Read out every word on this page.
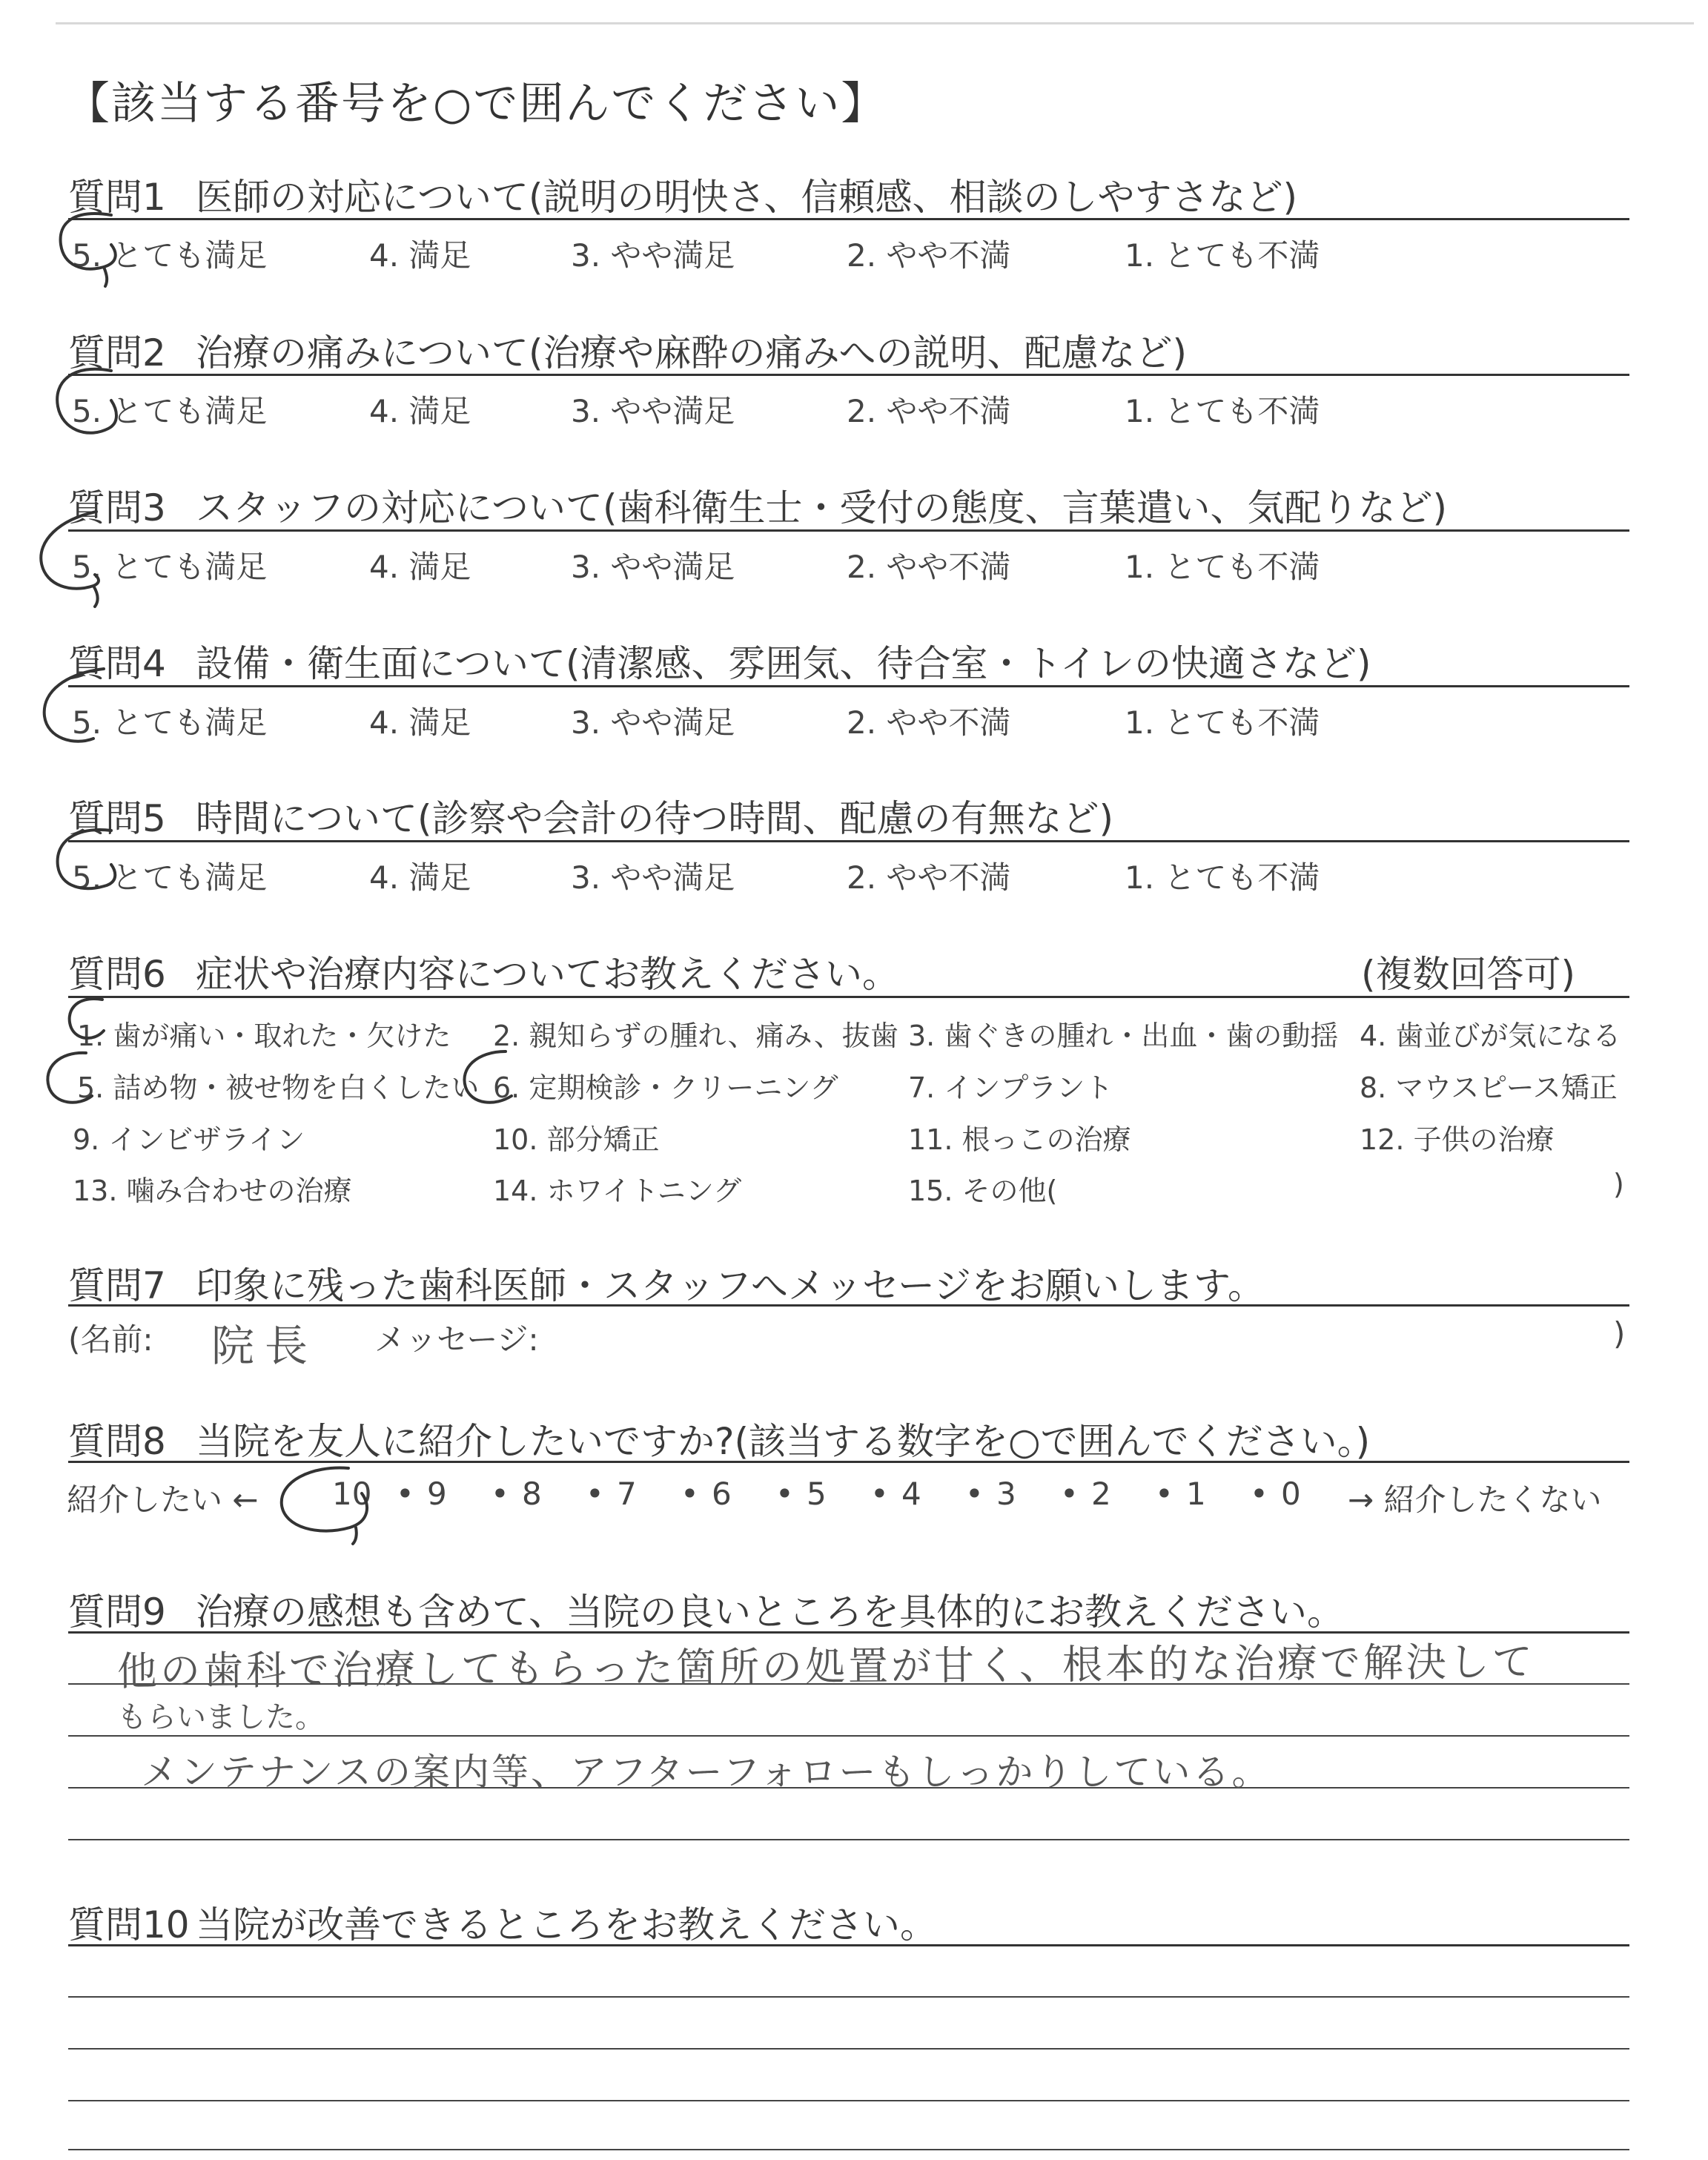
【該当する番号を○で囲んでください】
質問1 医師の対応について(説明の明快さ、信頼感、相談のしやすさなど)
5. とても満足	4. 満足	3. やや満足	2. やや不満	1. とても不満
質問2 治療の痛みについて(治療や麻酔の痛みへの説明、配慮など)
5. とても満足	4. 満足	3. やや満足	2. やや不満	1. とても不満
質問3 スタッフの対応について(歯科衛生士・受付の態度、言葉遣い、気配りなど)
5. とても満足	4. 満足	3. やや満足	2. やや不満	1. とても不満
質問4 設備・衛生面について(清潔感、雰囲気、待合室・トイレの快適さなど)
5. とても満足	4. 満足	3. やや満足	2. やや不満	1. とても不満
質問5 時間について(診察や会計の待つ時間、配慮の有無など)
5. とても満足	4. 満足	3. やや満足	2. やや不満	1. とても不満
質問6 症状や治療内容についてお教えください。	(複数回答可)
1. 歯が痛い・取れた・欠けた 2. 親知らずの腫れ、痛み、抜歯 3. 歯ぐきの腫れ・出血・歯の動揺 4. 歯並びが気になる
5. 詰め物・被せ物を白くしたい 6. 定期検診・クリーニング 7. インプラント	8. マウスピース矯正
9. インビザライン	10. 部分矯正	11. 根っこの治療	12. 子供の治療
13. 噛み合わせの治療	14. ホワイトニング	15. その他(	)
質問7 印象に残った歯科医師・スタッフへメッセージをお願いします。
(名前: 院長 メッセージ:	)
質問8 当院を友人に紹介したいですか?(該当する数字を○で囲んでください。)
紹介したい ←	→ 紹介したくない
10 • 9 • 8 • 7 • 6 • 5 • 4 • 3 • 2 • 1 • 0
質問9 治療の感想も含めて、当院の良いところを具体的にお教えください。
他の歯科で治療してもらった箇所の処置が甘く、根本的な治療で解決して
もらいました。
メンテナンスの案内等、アフターフォローもしっかりしている。
質問10 当院が改善できるところをお教えください。
